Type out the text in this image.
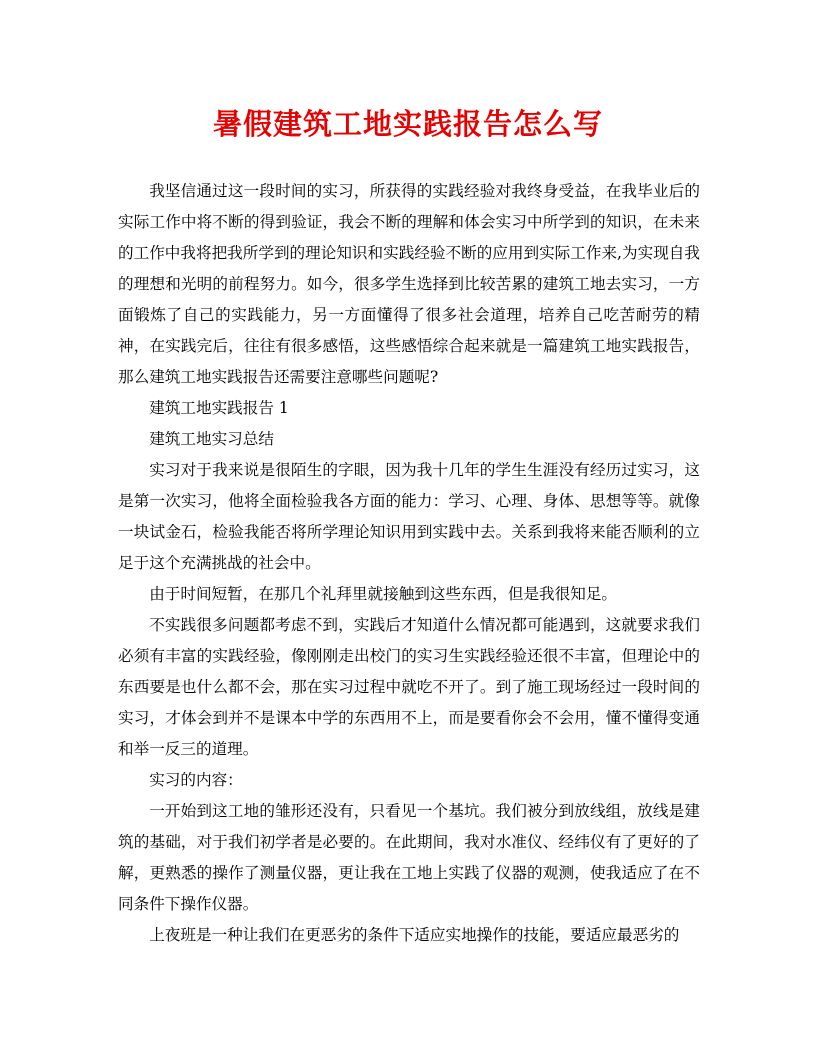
暑假建筑工地实践报告怎么写

我坚信通过这一段时间的实习，所获得的实践经验对我终身受益，在我毕业后的实际工作中将不断的得到验证，我会不断的理解和体会实习中所学到的知识，在未来的工作中我将把我所学到的理论知识和实践经验不断的应用到实际工作来,为实现自我的理想和光明的前程努力。如今，很多学生选择到比较苦累的建筑工地去实习，一方面锻炼了自己的实践能力，另一方面懂得了很多社会道理，培养自己吃苦耐劳的精神，在实践完后，往往有很多感悟，这些感悟综合起来就是一篇建筑工地实践报告，那么建筑工地实践报告还需要注意哪些问题呢?

建筑工地实践报告 1

建筑工地实习总结

实习对于我来说是很陌生的字眼，因为我十几年的学生生涯没有经历过实习，这是第一次实习，他将全面检验我各方面的能力：学习、心理、身体、思想等等。就像一块试金石，检验我能否将所学理论知识用到实践中去。关系到我将来能否顺利的立足于这个充满挑战的社会中。

由于时间短暂，在那几个礼拜里就接触到这些东西，但是我很知足。

不实践很多问题都考虑不到，实践后才知道什么情况都可能遇到，这就要求我们必须有丰富的实践经验，像刚刚走出校门的实习生实践经验还很不丰富，但理论中的东西要是也什么都不会，那在实习过程中就吃不开了。到了施工现场经过一段时间的实习，才体会到并不是课本中学的东西用不上，而是要看你会不会用，懂不懂得变通和举一反三的道理。

实习的内容：

一开始到这工地的雏形还没有，只看见一个基坑。我们被分到放线组，放线是建筑的基础，对于我们初学者是必要的。在此期间，我对水准仪、经纬仪有了更好的了解，更熟悉的操作了测量仪器，更让我在工地上实践了仪器的观测，使我适应了在不同条件下操作仪器。

上夜班是一种让我们在更恶劣的条件下适应实地操作的技能，要适应最恶劣的
